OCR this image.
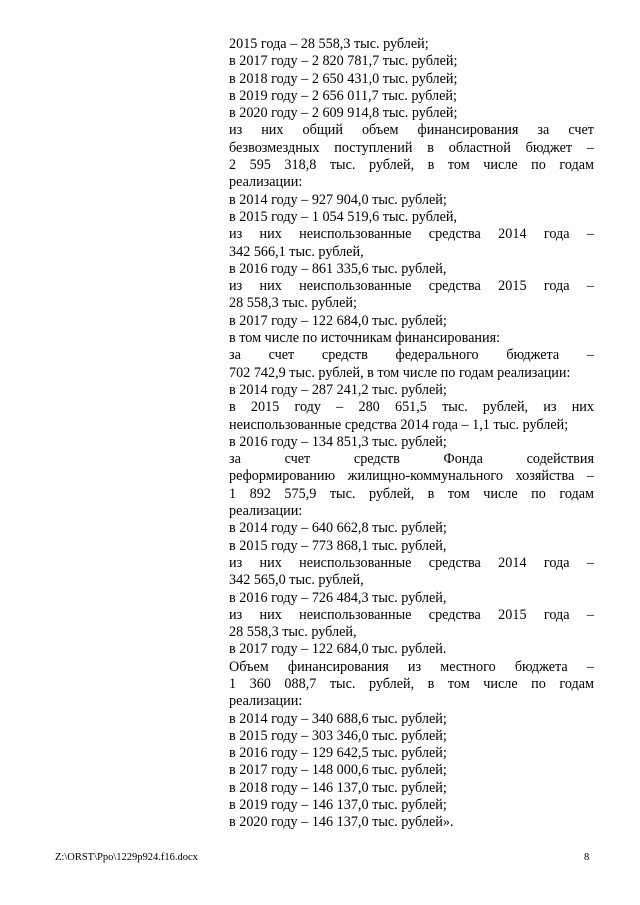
2015 года – 28 558,3 тыс. рублей;
в 2017 году – 2 820 781,7 тыс. рублей;
в 2018 году – 2 650 431,0 тыс. рублей;
в 2019 году – 2 656 011,7 тыс. рублей;
в 2020 году – 2 609 914,8 тыс. рублей;
из них общий объем финансирования за счет
безвозмездных поступлений в областной бюджет –
2 595 318,8 тыс. рублей, в том числе по годам
реализации:
в 2014 году – 927 904,0 тыс. рублей;
в 2015 году – 1 054 519,6 тыс. рублей,
из них неиспользованные средства 2014 года –
342 566,1 тыс. рублей,
в 2016 году – 861 335,6 тыс. рублей,
из них неиспользованные средства 2015 года –
28 558,3 тыс. рублей;
в 2017 году – 122 684,0 тыс. рублей;
в том числе по источникам финансирования:
за счет средств федерального бюджета –
702 742,9 тыс. рублей, в том числе по годам реализации:
в 2014 году – 287 241,2 тыс. рублей;
в 2015 году – 280 651,5 тыс. рублей, из них
неиспользованные средства 2014 года – 1,1 тыс. рублей;
в 2016 году – 134 851,3 тыс. рублей;
за счет средств Фонда содействия
реформированию жилищно-коммунального хозяйства –
1 892 575,9 тыс. рублей, в том числе по годам
реализации:
в 2014 году – 640 662,8 тыс. рублей;
в 2015 году – 773 868,1 тыс. рублей,
из них неиспользованные средства 2014 года –
342 565,0 тыс. рублей,
в 2016 году – 726 484,3 тыс. рублей,
из них неиспользованные средства 2015 года –
28 558,3 тыс. рублей,
в 2017 году – 122 684,0 тыс. рублей.
Объем финансирования из местного бюджета –
1 360 088,7 тыс. рублей, в том числе по годам
реализации:
в 2014 году – 340 688,6 тыс. рублей;
в 2015 году – 303 346,0 тыс. рублей;
в 2016 году – 129 642,5 тыс. рублей;
в 2017 году – 148 000,6 тыс. рублей;
в 2018 году – 146 137,0 тыс. рублей;
в 2019 году – 146 137,0 тыс. рублей;
в 2020 году – 146 137,0 тыс. рублей».
Z:\ORST\Ppo\1229p924.f16.docx	8
